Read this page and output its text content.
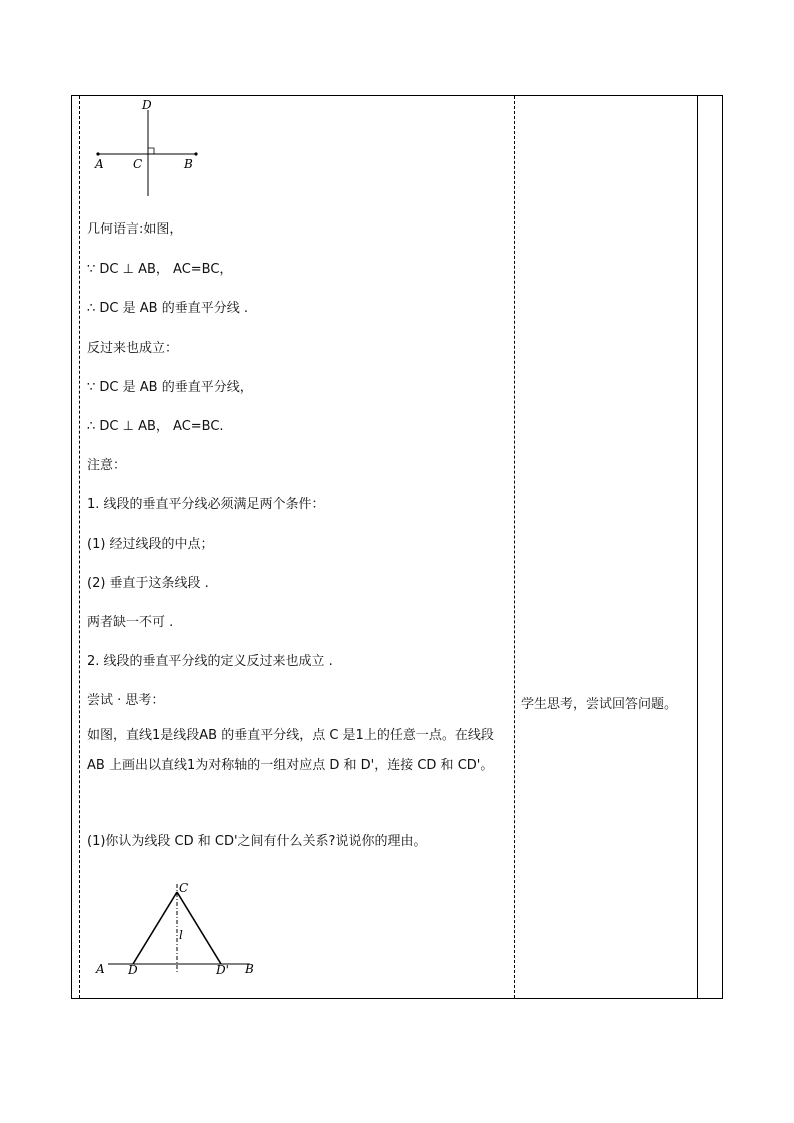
D
A C	B
几何语言:如图，
∵ DC ⊥ AB， AC=BC，
∴ DC 是 AB 的垂直平分线 .
反过来也成立：
∵ DC 是 AB 的垂直平分线，
∴ DC ⊥ AB， AC=BC.
注意：
1. 线段的垂直平分线必须满足两个条件：
(1) 经过线段的中点；
(2) 垂直于这条线段 .
两者缺一不可 .
2. 线段的垂直平分线的定义反过来也成立 .
尝试 · 思考：
如图，直线1是线段AB 的垂直平分线，点 C 是1上的任意一点。在线段 AB 上画出以直线1为对称轴的一组对应点 D 和 D'，连接 CD 和 CD'。
(1)你认为线段 CD 和 CD'之间有什么关系?说说你的理由。
C
l
A D	D' B
学生思考，尝试回答问题。
